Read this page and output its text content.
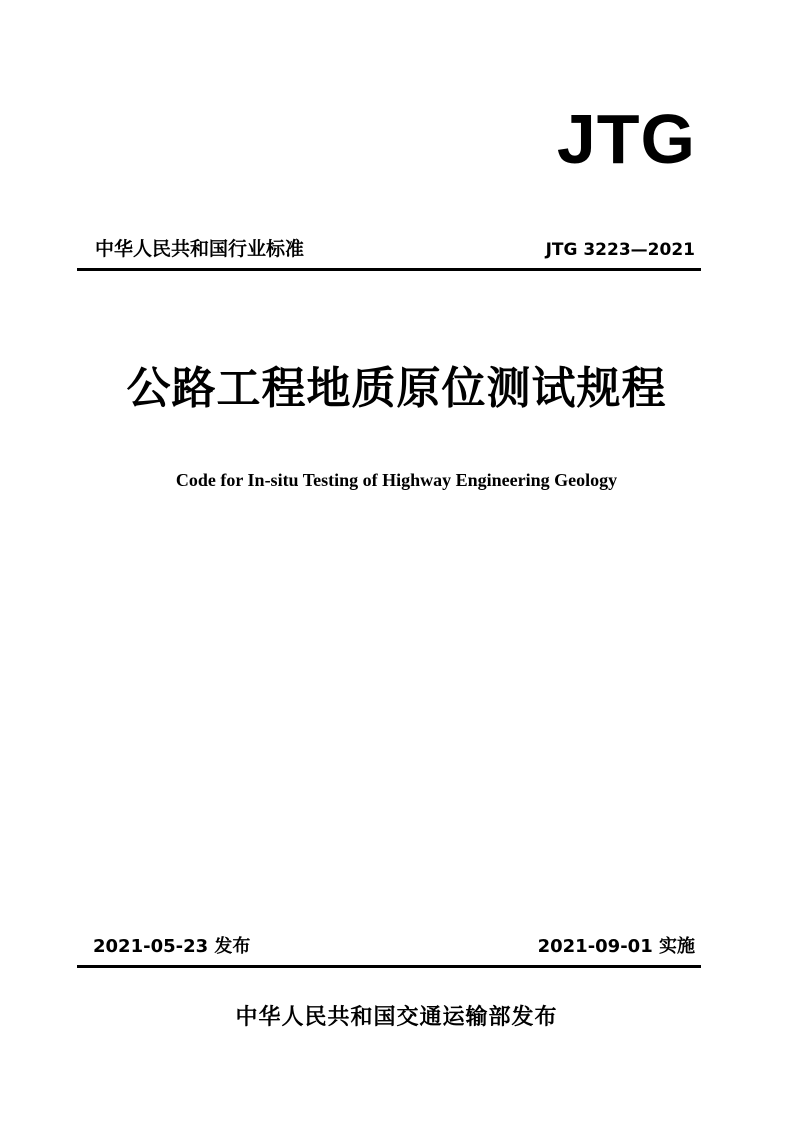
JTG
中华人民共和国行业标准	JTG 3223—2021
公路工程地质原位测试规程
Code for In-situ Testing of Highway Engineering Geology
2021-05-23 发布	2021-09-01 实施
中华人民共和国交通运输部发布
